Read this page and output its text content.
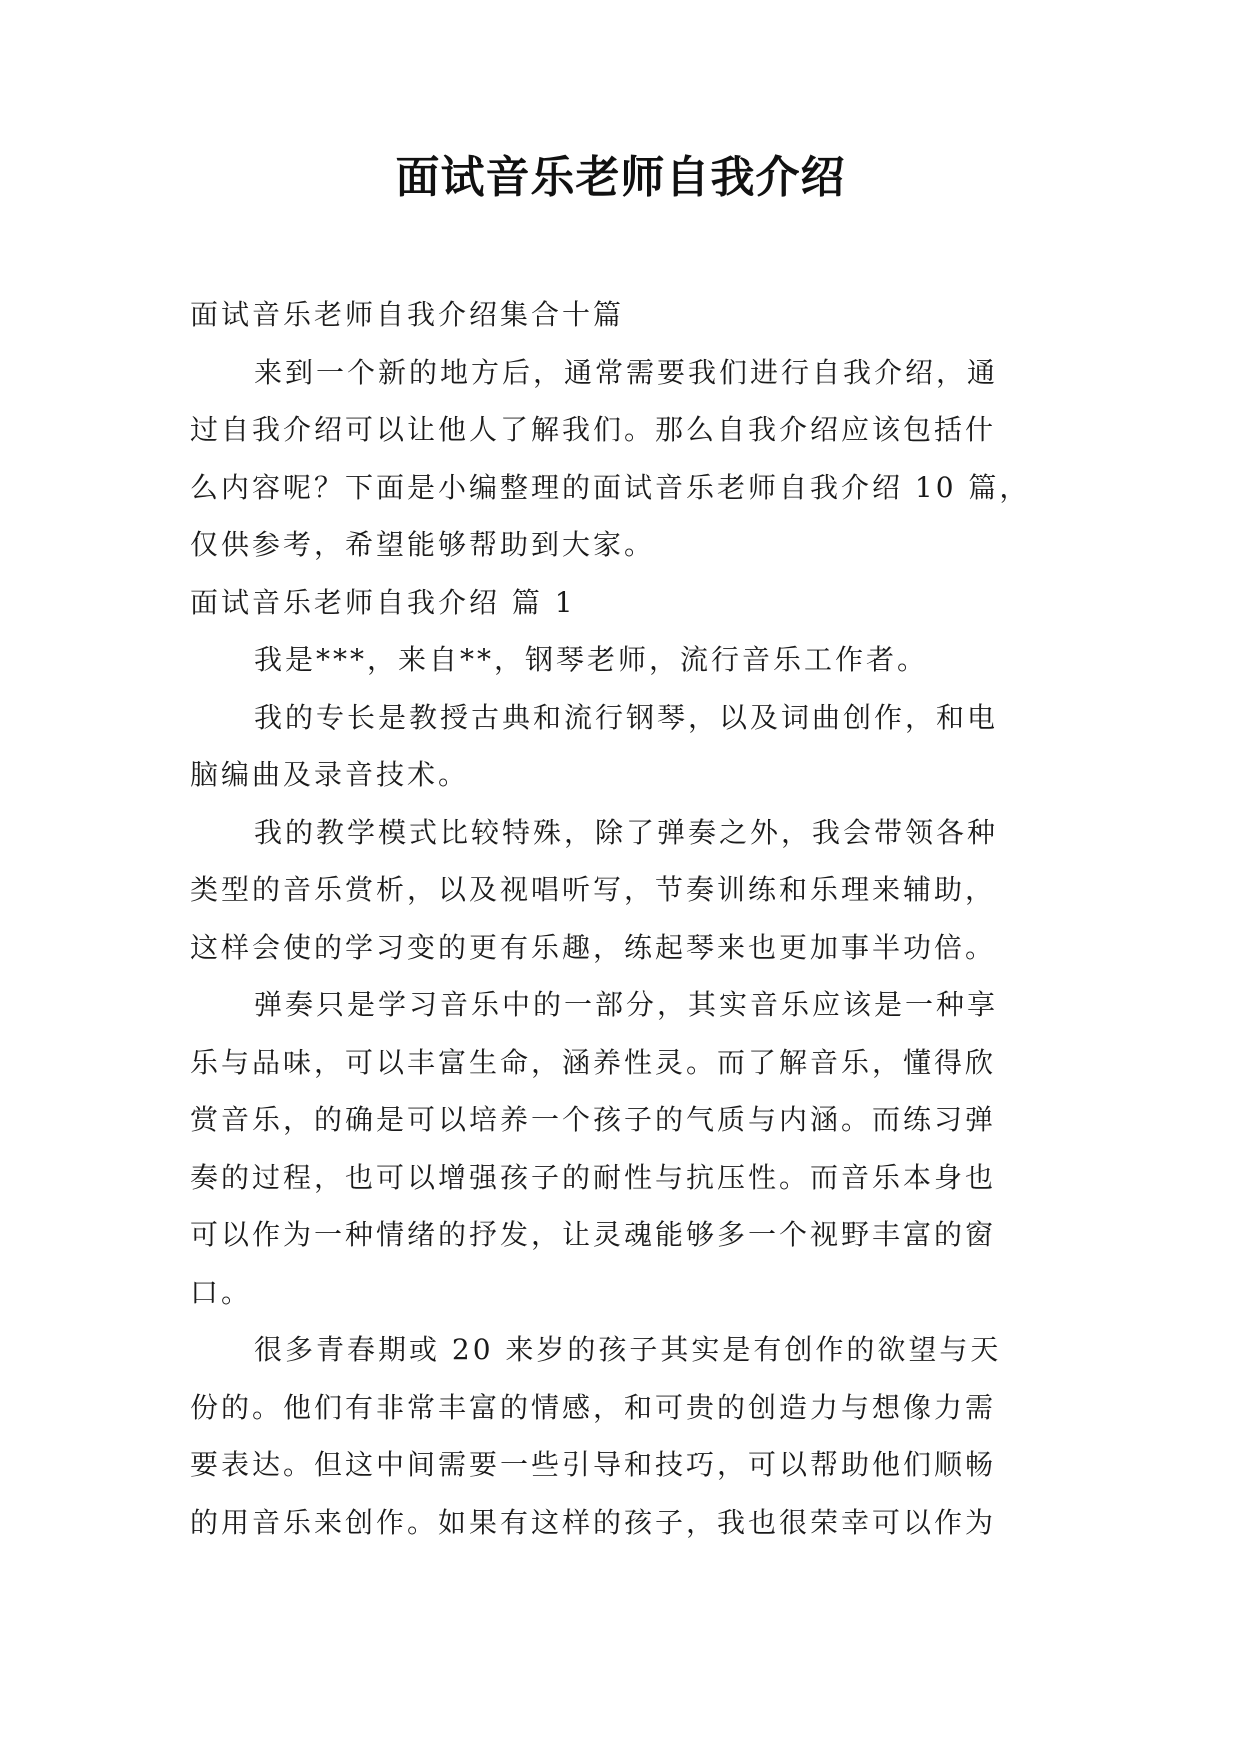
面试音乐老师自我介绍
面试音乐老师自我介绍集合十篇
来到一个新的地方后，通常需要我们进行自我介绍，通
过自我介绍可以让他人了解我们。那么自我介绍应该包括什
么内容呢？下面是小编整理的面试音乐老师自我介绍 10 篇，
仅供参考，希望能够帮助到大家。
面试音乐老师自我介绍 篇 1
我是***，来自**，钢琴老师，流行音乐工作者。
我的专长是教授古典和流行钢琴，以及词曲创作，和电
脑编曲及录音技术。
我的教学模式比较特殊，除了弹奏之外，我会带领各种
类型的音乐赏析，以及视唱听写，节奏训练和乐理来辅助，
这样会使的学习变的更有乐趣，练起琴来也更加事半功倍。
弹奏只是学习音乐中的一部分，其实音乐应该是一种享
乐与品味，可以丰富生命，涵养性灵。而了解音乐，懂得欣
赏音乐，的确是可以培养一个孩子的气质与内涵。而练习弹
奏的过程，也可以增强孩子的耐性与抗压性。而音乐本身也
可以作为一种情绪的抒发，让灵魂能够多一个视野丰富的窗
口。
很多青春期或 20 来岁的孩子其实是有创作的欲望与天
份的。他们有非常丰富的情感，和可贵的创造力与想像力需
要表达。但这中间需要一些引导和技巧，可以帮助他们顺畅
的用音乐来创作。如果有这样的孩子，我也很荣幸可以作为
